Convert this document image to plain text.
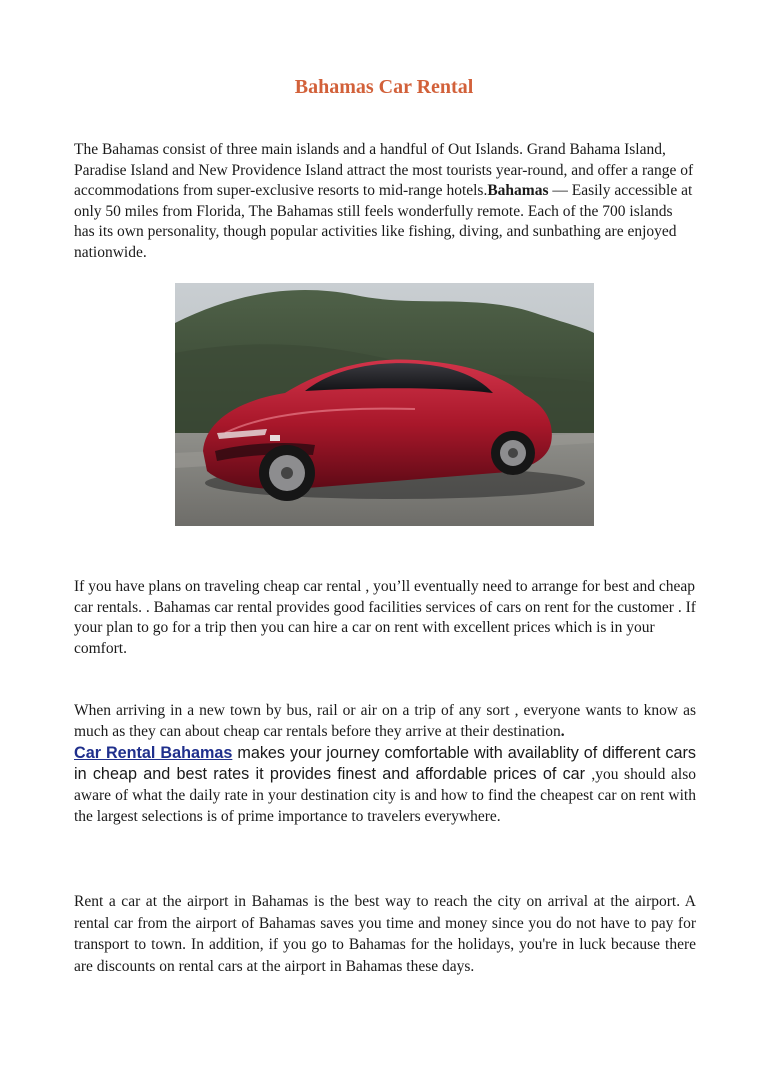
Bahamas Car Rental

The Bahamas consist of three main islands and a handful of Out Islands. Grand Bahama Island, Paradise Island and New Providence Island attract the most tourists year-round, and offer a range of accommodations from super-exclusive resorts to mid-range hotels.Bahamas — Easily accessible at only 50 miles from Florida, The Bahamas still feels wonderfully remote. Each of the 700 islands has its own personality, though popular activities like fishing, diving, and sunbathing are enjoyed nationwide.

If you have plans on traveling cheap car rental , you’ll eventually need to arrange for best and cheap car rentals. . Bahamas car rental provides good facilities services of cars on rent for the customer . If your plan to go for a trip then you can hire a car on rent with excellent prices which is in your comfort.

When arriving in a new town by bus, rail or air on a trip of any sort , everyone wants to know as much as they can about cheap car rentals before they arrive at their destination.
Car Rental Bahamas makes your journey comfortable with availablity of different cars in cheap and best rates it provides finest and affordable prices of car ,you should also aware of what the daily rate in your destination city is and how to find the cheapest car on rent with the largest selections is of prime importance to travelers everywhere.

Rent a car at the airport in Bahamas is the best way to reach the city on arrival at the airport. A rental car from the airport of Bahamas saves you time and money since you do not have to pay for transport to town. In addition, if you go to Bahamas for the holidays, you're in luck because there are discounts on rental cars at the airport in Bahamas these days.
